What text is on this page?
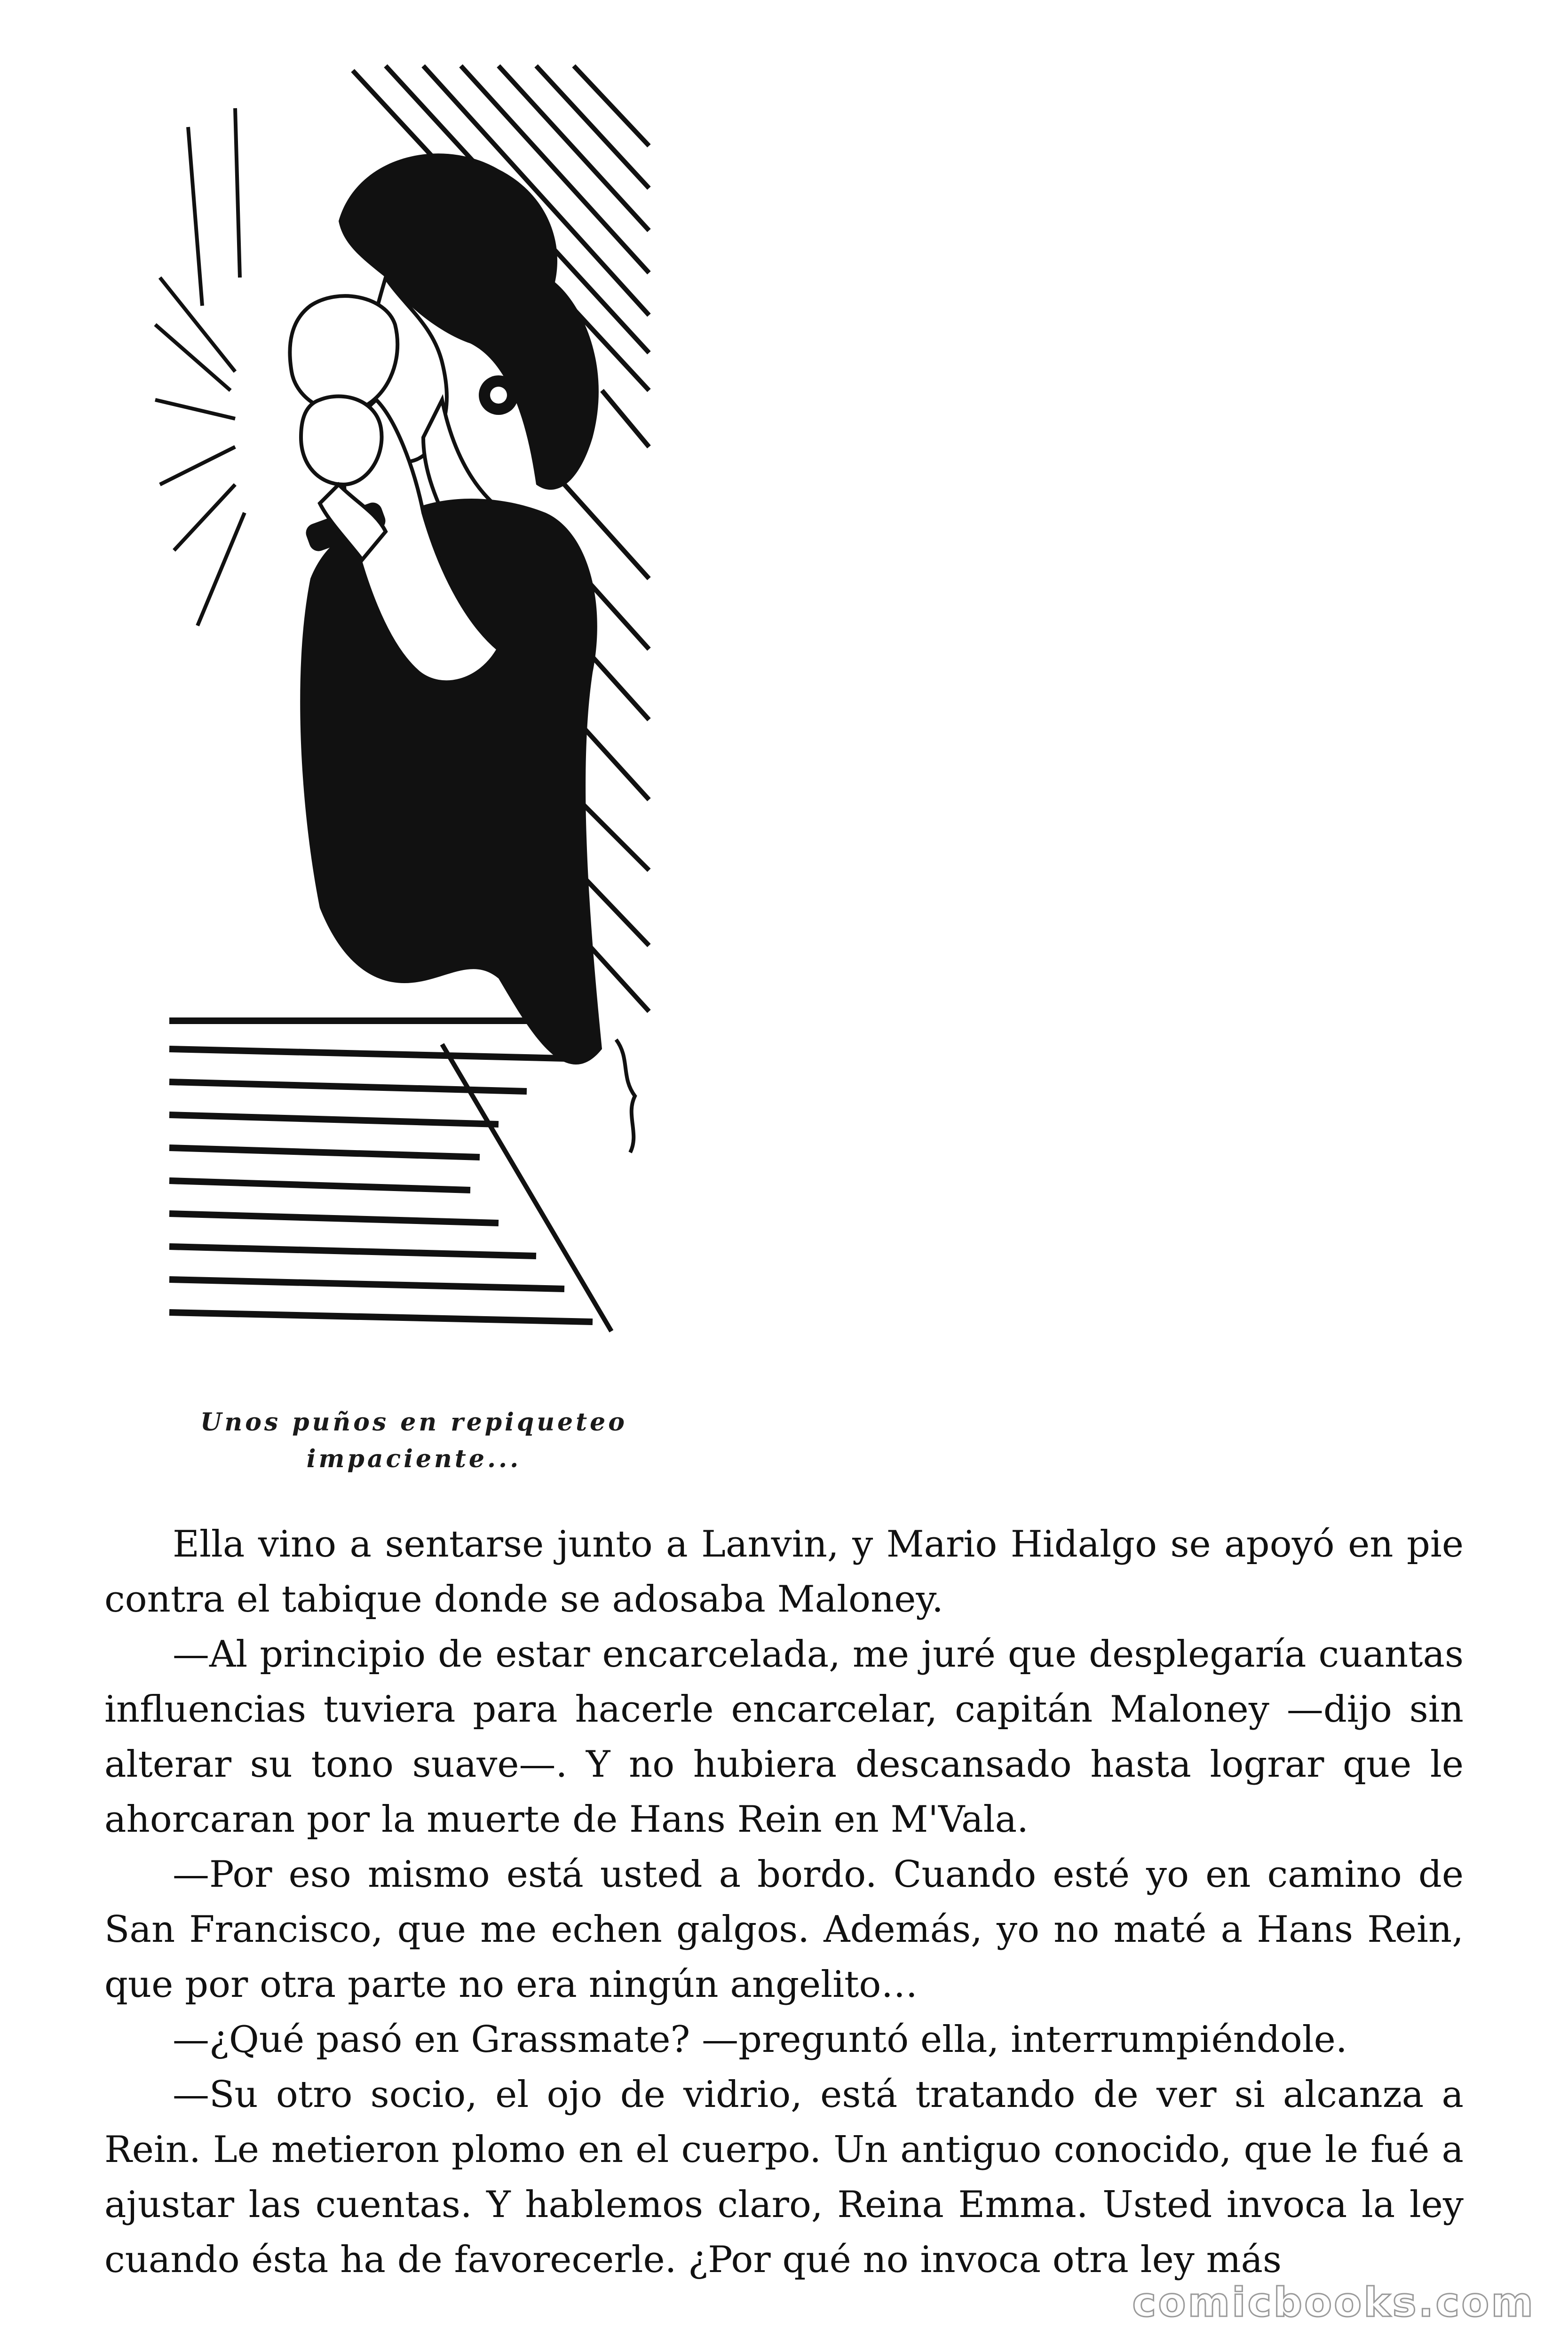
Unos puños en repiqueteo
impaciente...

Ella vino a sentarse junto a Lanvin, y Mario Hidalgo se apoyó en pie contra el tabique donde se adosaba Maloney.

—Al principio de estar encarcelada, me juré que desplegaría cuantas influencias tuviera para hacerle encarcelar, capitán Maloney —dijo sin alterar su tono suave—. Y no hubiera descansado hasta lograr que le ahorcaran por la muerte de Hans Rein en M'Vala.

—Por eso mismo está usted a bordo. Cuando esté yo en camino de San Francisco, que me echen galgos. Además, yo no maté a Hans Rein, que por otra parte no era ningún angelito…

—¿Qué pasó en Grassmate? —preguntó ella, interrumpiéndole.

—Su otro socio, el ojo de vidrio, está tratando de ver si alcanza a Rein. Le metieron plomo en el cuerpo. Un antiguo conocido, que le fué a ajustar las cuentas. Y hablemos claro, Reina Emma. Usted invoca la ley cuando ésta ha de favorecerle. ¿Por qué no invoca otra ley más

comicbooks.com
